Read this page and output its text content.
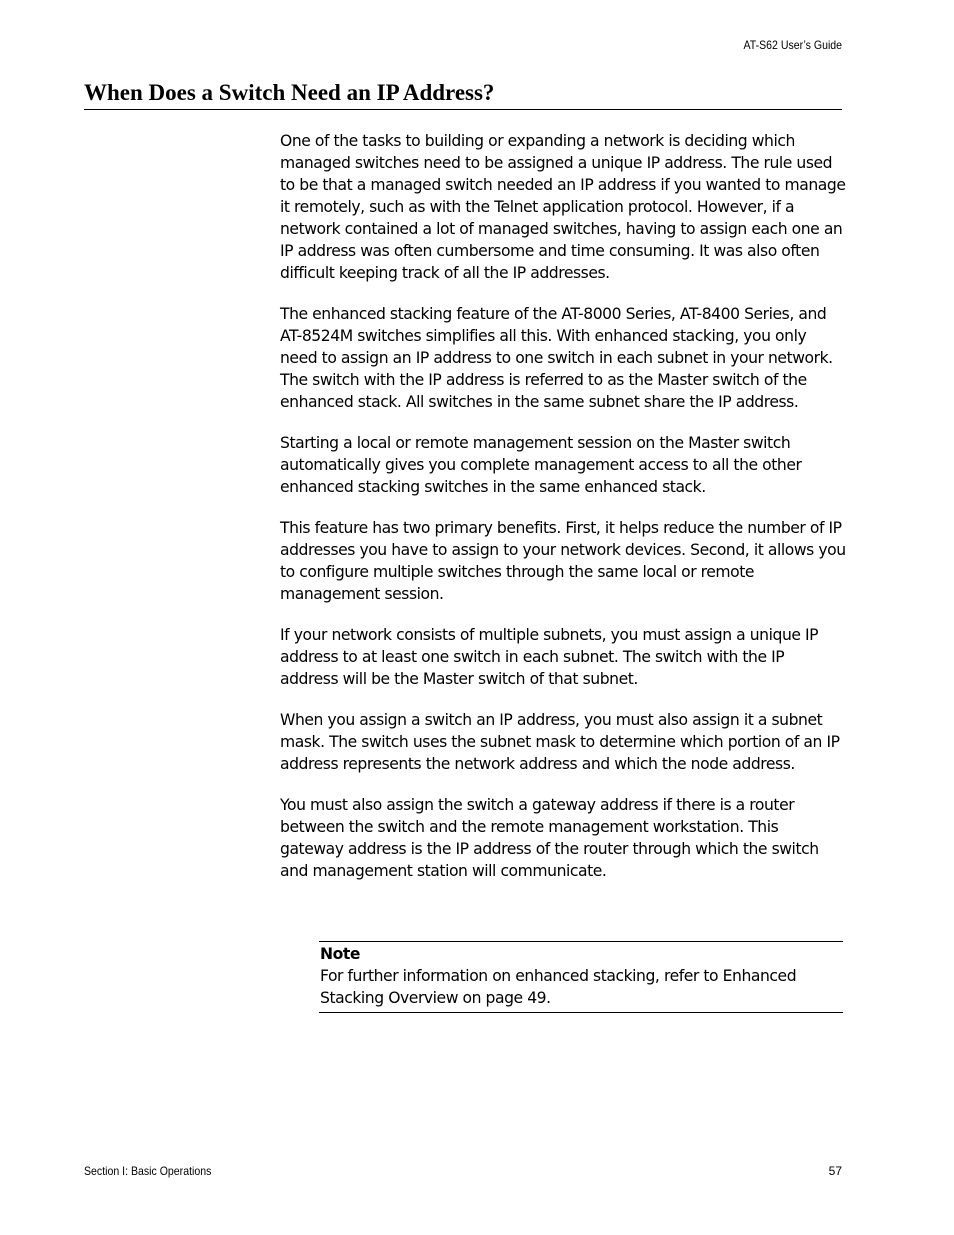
AT-S62 User’s Guide
When Does a Switch Need an IP Address?

One of the tasks to building or expanding a network is deciding which managed switches need to be assigned a unique IP address. The rule used to be that a managed switch needed an IP address if you wanted to manage it remotely, such as with the Telnet application protocol. However, if a network contained a lot of managed switches, having to assign each one an IP address was often cumbersome and time consuming. It was also often difficult keeping track of all the IP addresses.

The enhanced stacking feature of the AT-8000 Series, AT-8400 Series, and AT-8524M switches simplifies all this. With enhanced stacking, you only need to assign an IP address to one switch in each subnet in your network. The switch with the IP address is referred to as the Master switch of the enhanced stack. All switches in the same subnet share the IP address.

Starting a local or remote management session on the Master switch automatically gives you complete management access to all the other enhanced stacking switches in the same enhanced stack.

This feature has two primary benefits. First, it helps reduce the number of IP addresses you have to assign to your network devices. Second, it allows you to configure multiple switches through the same local or remote management session.

If your network consists of multiple subnets, you must assign a unique IP address to at least one switch in each subnet. The switch with the IP address will be the Master switch of that subnet.

When you assign a switch an IP address, you must also assign it a subnet mask. The switch uses the subnet mask to determine which portion of an IP address represents the network address and which the node address.

You must also assign the switch a gateway address if there is a router between the switch and the remote management workstation. This gateway address is the IP address of the router through which the switch and management station will communicate.

Note
For further information on enhanced stacking, refer to Enhanced Stacking Overview on page 49.
Section I: Basic Operations	57
